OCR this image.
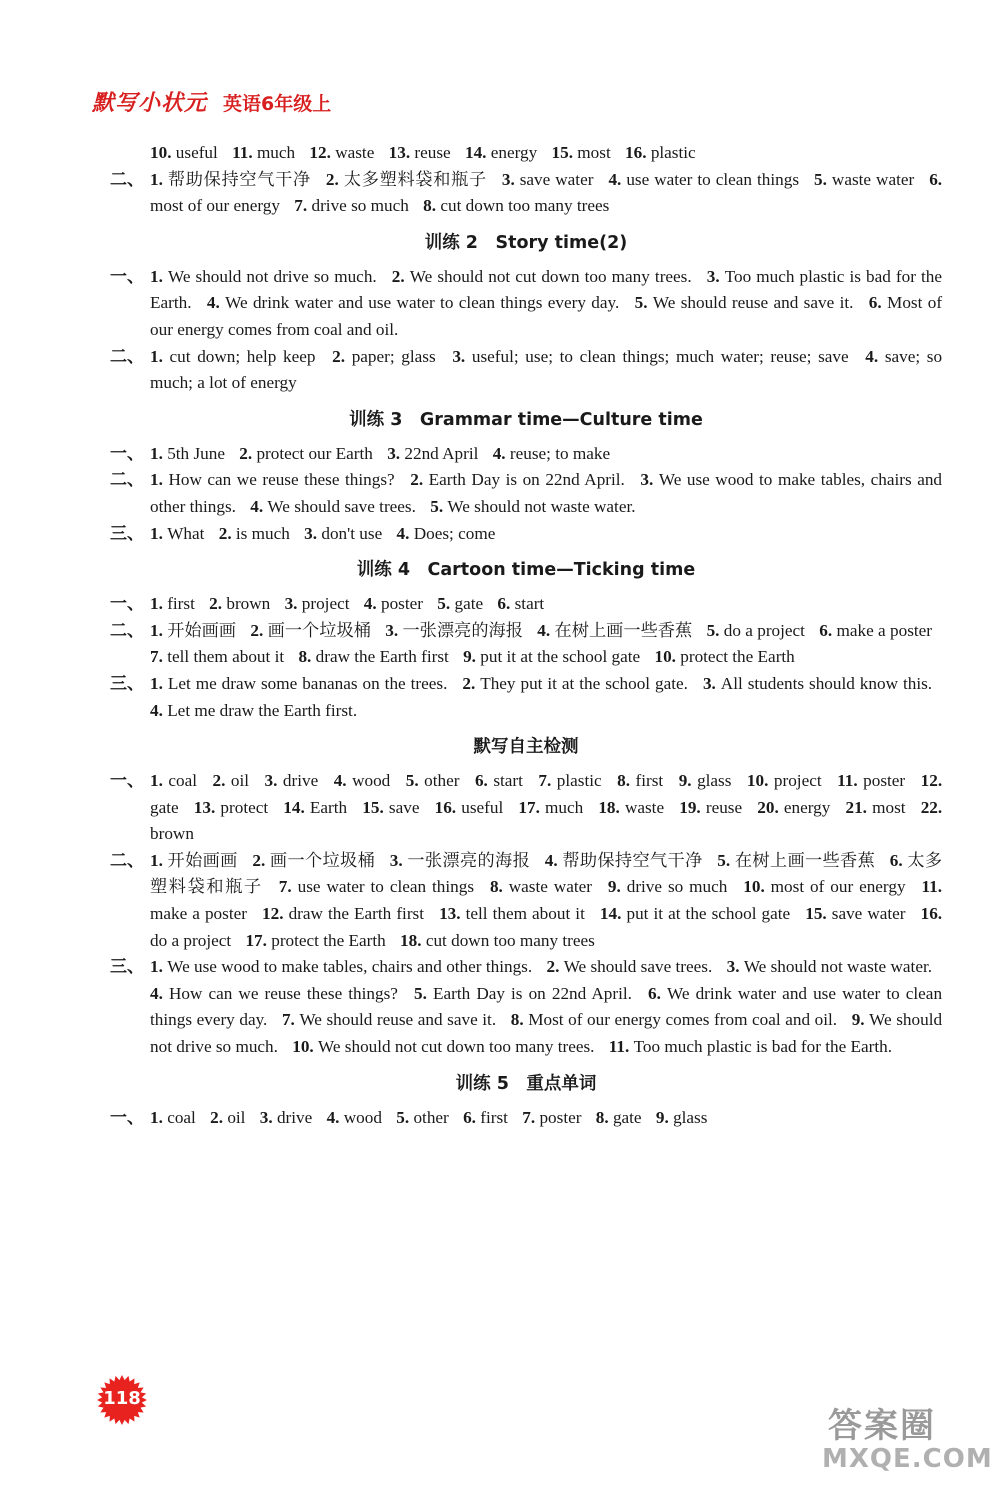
默写小状元 英语6年级上
10. useful 11. much 12. waste 13. reuse 14. energy 15. most 16. plastic
二、 1. 帮助保持空气干净 2. 太多塑料袋和瓶子 3. save water 4. use water to clean things 5. waste water 6. most of our energy 7. drive so much 8. cut down too many trees
训练 2　Story time(2)
一、 1. We should not drive so much. 2. We should not cut down too many trees. 3. Too much plastic is bad for the Earth. 4. We drink water and use water to clean things every day. 5. We should reuse and save it. 6. Most of our energy comes from coal and oil.
二、 1. cut down; help keep 2. paper; glass 3. useful; use; to clean things; much water; reuse; save 4. save; so much; a lot of energy
训练 3　Grammar time—Culture time
一、 1. 5th June 2. protect our Earth 3. 22nd April 4. reuse; to make
二、 1. How can we reuse these things? 2. Earth Day is on 22nd April. 3. We use wood to make tables, chairs and other things. 4. We should save trees. 5. We should not waste water.
三、 1. What 2. is much 3. don't use 4. Does; come
训练 4　Cartoon time—Ticking time
一、 1. first 2. brown 3. project 4. poster 5. gate 6. start
二、 1. 开始画画 2. 画一个垃圾桶 3. 一张漂亮的海报 4. 在树上画一些香蕉 5. do a project 6. make a poster 7. tell them about it 8. draw the Earth first 9. put it at the school gate 10. protect the Earth
三、 1. Let me draw some bananas on the trees. 2. They put it at the school gate. 3. All students should know this. 4. Let me draw the Earth first.
默写自主检测
一、 1. coal 2. oil 3. drive 4. wood 5. other 6. start 7. plastic 8. first 9. glass 10. project 11. poster 12. gate 13. protect 14. Earth 15. save 16. useful 17. much 18. waste 19. reuse 20. energy 21. most 22. brown
二、 1. 开始画画 2. 画一个垃圾桶 3. 一张漂亮的海报 4. 帮助保持空气干净 5. 在树上画一些香蕉 6. 太多塑料袋和瓶子 7. use water to clean things 8. waste water 9. drive so much 10. most of our energy 11. make a poster 12. draw the Earth first 13. tell them about it 14. put it at the school gate 15. save water 16. do a project 17. protect the Earth 18. cut down too many trees
三、 1. We use wood to make tables, chairs and other things. 2. We should save trees. 3. We should not waste water. 4. How can we reuse these things? 5. Earth Day is on 22nd April. 6. We drink water and use water to clean things every day. 7. We should reuse and save it. 8. Most of our energy comes from coal and oil. 9. We should not drive so much. 10. We should not cut down too many trees. 11. Too much plastic is bad for the Earth.
训练 5　重点单词
一、 1. coal 2. oil 3. drive 4. wood 5. other 6. first 7. poster 8. gate 9. glass
118
答案圈
MXQE.COM
